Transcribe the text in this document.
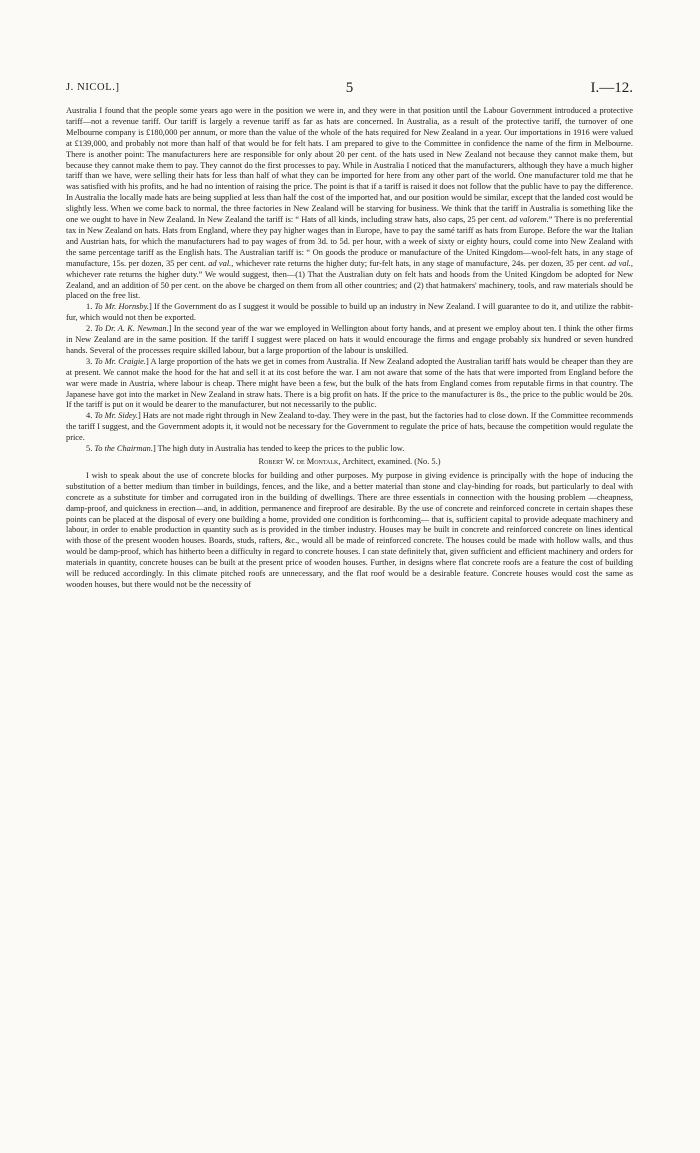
J. NICOL.]	5	I.—12.

Australia I found that the people some years ago were in the position we were in, and they were in that position until the Labour Government introduced a protective tariff—not a revenue tariff. Our tariff is largely a revenue tariff as far as hats are concerned. In Australia, as a result of the protective tariff, the turnover of one Melbourne company is £180,000 per annum, or more than the value of the whole of the hats required for New Zealand in a year. Our importations in 1916 were valued at £139,000, and probably not more than half of that would be for felt hats. I am prepared to give to the Committee in confidence the name of the firm in Melbourne. There is another point: The manufacturers here are responsible for only about 20 per cent. of the hats used in New Zealand not because they cannot make them, but because they cannot make them to pay. They cannot do the first processes to pay. While in Australia I noticed that the manufacturers, although they have a much higher tariff than we have, were selling their hats for less than half of what they can be imported for here from any other part of the world. One manufacturer told me that he was satisfied with his profits, and he had no intention of raising the price. The point is that if a tariff is raised it does not follow that the public have to pay the difference. In Australia the locally made hats are being supplied at less than half the cost of the imported hat, and our position would be similar, except that the landed cost would be slightly less. When we come back to normal, the three factories in New Zealand will be starving for business. We think that the tariff in Australia is something like the one we ought to have in New Zealand. In New Zealand the tariff is: “ Hats of all kinds, including straw hats, also caps, 25 per cent. ad valorem.” There is no preferential tax in New Zealand on hats. Hats from England, where they pay higher wages than in Europe, have to pay the samé tariff as hats from Europe. Before the war the Italian and Austrian hats, for which the manufacturers had to pay wages of from 3d. to 5d. per hour, with a week of sixty or eighty hours, could come into New Zealand with the same percentage tariff as the English hats. The Australian tariff is: “ On goods the produce or manufacture of the United Kingdom—wool-felt hats, in any stage of manufacture, 15s. per dozen, 35 per cent. ad val., whichever rate returns the higher duty; fur-felt hats, in any stage of manufacture, 24s. per dozen, 35 per cent. ad val., whichever rate returns the higher duty.” We would suggest, then—(1) That the Australian duty on felt hats and hoods from the United Kingdom be adopted for New Zealand, and an addition of 50 per cent. on the above be charged on them from all other countries; and (2) that hatmakers' machinery, tools, and raw materials should be placed on the free list.

1. To Mr. Hornsby.] If the Government do as I suggest it would be possible to build up an industry in New Zealand. I will guarantee to do it, and utilize the rabbit-fur, which would not then be exported.

2. To Dr. A. K. Newman.] In the second year of the war we employed in Wellington about forty hands, and at present we employ about ten. I think the other firms in New Zealand are in the same position. If the tariff I suggest were placed on hats it would encourage the firms and engage probably six hundred or seven hundred hands. Several of the processes require skilled labour, but a large proportion of the labour is unskilled.

3. To Mr. Craigie.] A large proportion of the hats we get in comes from Australia. If New Zealand adopted the Australian tariff hats would be cheaper than they are at present. We cannot make the hood for the hat and sell it at its cost before the war. I am not aware that some of the hats that were imported from England before the war were made in Austria, where labour is cheap. There might have been a few, but the bulk of the hats from England comes from reputable firms in that country. The Japanese have got into the market in New Zealand in straw hats. There is a big profit on hats. If the price to the manufacturer is 8s., the price to the public would be 20s. If the tariff is put on it would be dearer to the manufacturer, but not necessarily to the public.

4. To Mr. Sidey.] Hats are not made right through in New Zealand to-day. They were in the past, but the factories had to close down. If the Committee recommends the tariff I suggest, and the Government adopts it, it would not be necessary for the Government to regulate the price of hats, because the competition would regulate the price.

5. To the Chairman.] The high duty in Australia has tended to keep the prices to the public low.

Robert W. de Montalk, Architect, examined. (No. 5.)

I wish to speak about the use of concrete blocks for building and other purposes. My purpose in giving evidence is principally with the hope of inducing the substitution of a better medium than timber in buildings, fences, and the like, and a better material than stone and clay-binding for roads, but particularly to deal with concrete as a substitute for timber and corrugated iron in the building of dwellings. There are three essentials in connection with the housing problem —cheapness, damp-proof, and quickness in erection—and, in addition, permanence and fireproof are desirable. By the use of concrete and reinforced concrete in certain shapes these points can be placed at the disposal of every one building a home, provided one condition is forthcoming— that is, sufficient capital to provide adequate machinery and labour, in order to enable production in quantity such as is provided in the timber industry. Houses may be built in concrete and reinforced concrete on lines identical with those of the present wooden houses. Boards, studs, rafters, &c., would all be made of reinforced concrete. The houses could be made with hollow walls, and thus would be damp-proof, which has hitherto been a difficulty in regard to concrete houses. I can state definitely that, given sufficient and efficient machinery and orders for materials in quantity, concrete houses can be built at the present price of wooden houses. Further, in designs where flat concrete roofs are a feature the cost of building will be reduced accordingly. In this climate pitched roofs are unnecessary, and the flat roof would be a desirable feature. Concrete houses would cost the same as wooden houses, but there would not be the necessity of
